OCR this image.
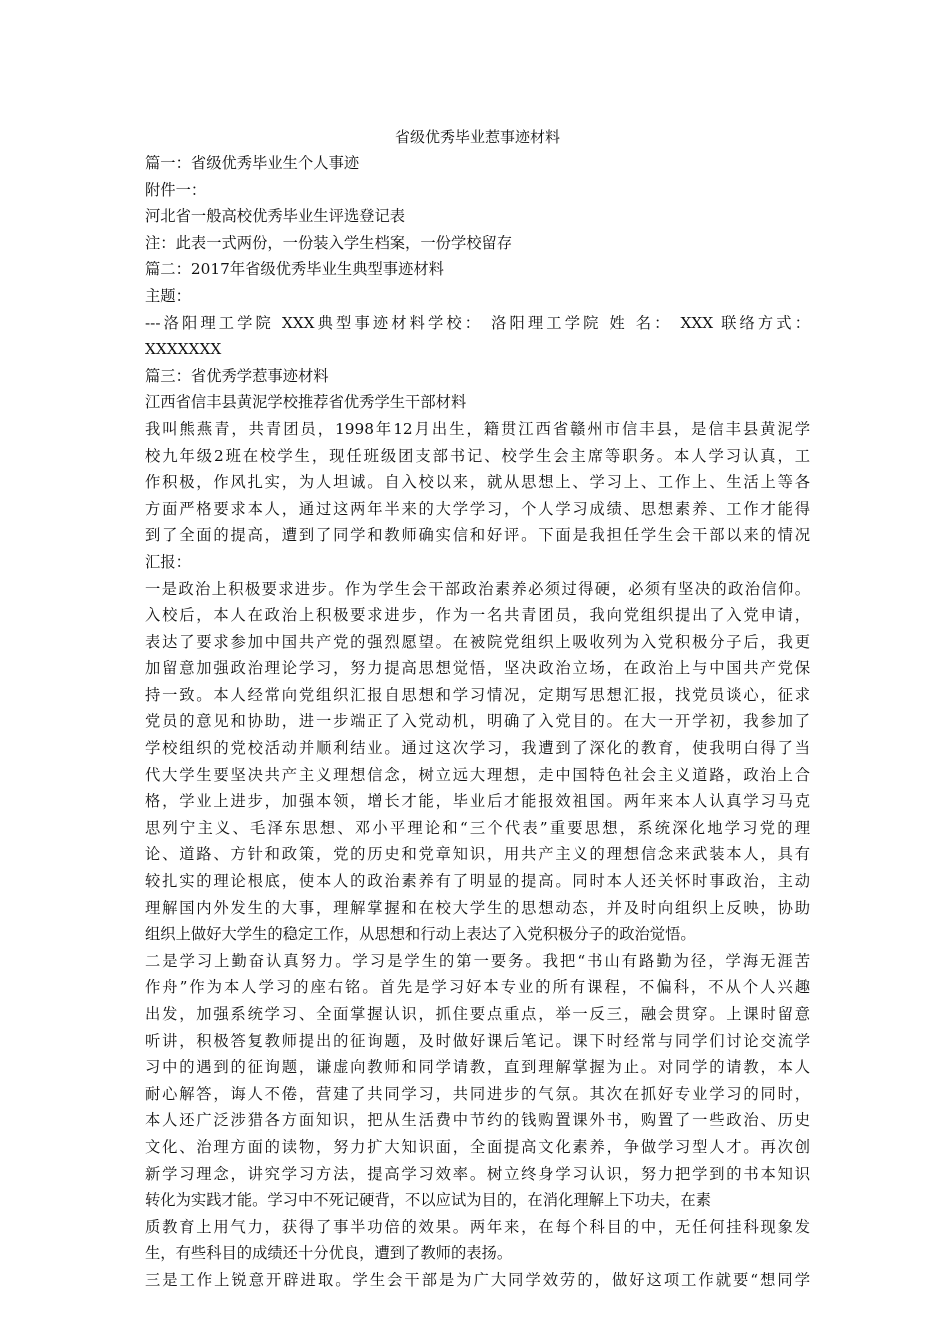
省级优秀毕业惹事迹材料

篇一：省级优秀毕业生个人事迹

附件一：

河北省一般高校优秀毕业生评选登记表

注：此表一式两份，一份装入学生档案，一份学校留存

篇二：2017年省级优秀毕业生典型事迹材料

主题：

---洛阳理工学院 XXX典型事迹材料学校： 洛阳理工学院 姓 名： XXX 联络方式：

XXXXXXX

篇三：省优秀学惹事迹材料

江西省信丰县黄泥学校推荐省优秀学生干部材料

我叫熊燕青，共青团员，1998年12月出生，籍贯江西省赣州市信丰县，是信丰县黄泥学

校九年级2班在校学生，现任班级团支部书记、校学生会主席等职务。本人学习认真，工

作积极，作风扎实，为人坦诚。自入校以来，就从思想上、学习上、工作上、生活上等各

方面严格要求本人，通过这两年半来的大学学习，个人学习成绩、思想素养、工作才能得

到了全面的提高，遭到了同学和教师确实信和好评。下面是我担任学生会干部以来的情况

汇报：

一是政治上积极要求进步。作为学生会干部政治素养必须过得硬，必须有坚决的政治信仰。

入校后，本人在政治上积极要求进步，作为一名共青团员，我向党组织提出了入党申请，

表达了要求参加中国共产党的强烈愿望。在被院党组织上吸收列为入党积极分子后，我更

加留意加强政治理论学习，努力提高思想觉悟，坚决政治立场，在政治上与中国共产党保

持一致。本人经常向党组织汇报自思想和学习情况，定期写思想汇报，找党员谈心，征求

党员的意见和协助，进一步端正了入党动机，明确了入党目的。在大一开学初，我参加了

学校组织的党校活动并顺利结业。通过这次学习，我遭到了深化的教育，使我明白得了当

代大学生要坚决共产主义理想信念，树立远大理想，走中国特色社会主义道路，政治上合

格，学业上进步，加强本领，增长才能，毕业后才能报效祖国。两年来本人认真学习马克

思列宁主义、毛泽东思想、邓小平理论和“三个代表”重要思想，系统深化地学习党的理

论、道路、方针和政策，党的历史和党章知识，用共产主义的理想信念来武装本人，具有

较扎实的理论根底，使本人的政治素养有了明显的提高。同时本人还关怀时事政治，主动

理解国内外发生的大事，理解掌握和在校大学生的思想动态，并及时向组织上反映，协助

组织上做好大学生的稳定工作，从思想和行动上表达了入党积极分子的政治觉悟。

二是学习上勤奋认真努力。学习是学生的第一要务。我把“书山有路勤为径，学海无涯苦

作舟”作为本人学习的座右铭。首先是学习好本专业的所有课程，不偏科，不从个人兴趣

出发，加强系统学习、全面掌握认识，抓住要点重点，举一反三，融会贯穿。上课时留意

听讲，积极答复教师提出的征询题，及时做好课后笔记。课下时经常与同学们讨论交流学

习中的遇到的征询题，谦虚向教师和同学请教，直到理解掌握为止。对同学的请教，本人

耐心解答，诲人不倦，营建了共同学习，共同进步的气氛。其次在抓好专业学习的同时，

本人还广泛涉猎各方面知识，把从生活费中节约的钱购置课外书，购置了一些政治、历史

文化、治理方面的读物，努力扩大知识面，全面提高文化素养，争做学习型人才。再次创

新学习理念，讲究学习方法，提高学习效率。树立终身学习认识，努力把学到的书本知识

转化为实践才能。学习中不死记硬背，不以应试为目的，在消化理解上下功夫，在素

质教育上用气力，获得了事半功倍的效果。两年来，在每个科目的中，无任何挂科现象发

生，有些科目的成绩还十分优良，遭到了教师的表扬。

三是工作上锐意开辟进取。学生会干部是为广大同学效劳的，做好这项工作就要“想同学
